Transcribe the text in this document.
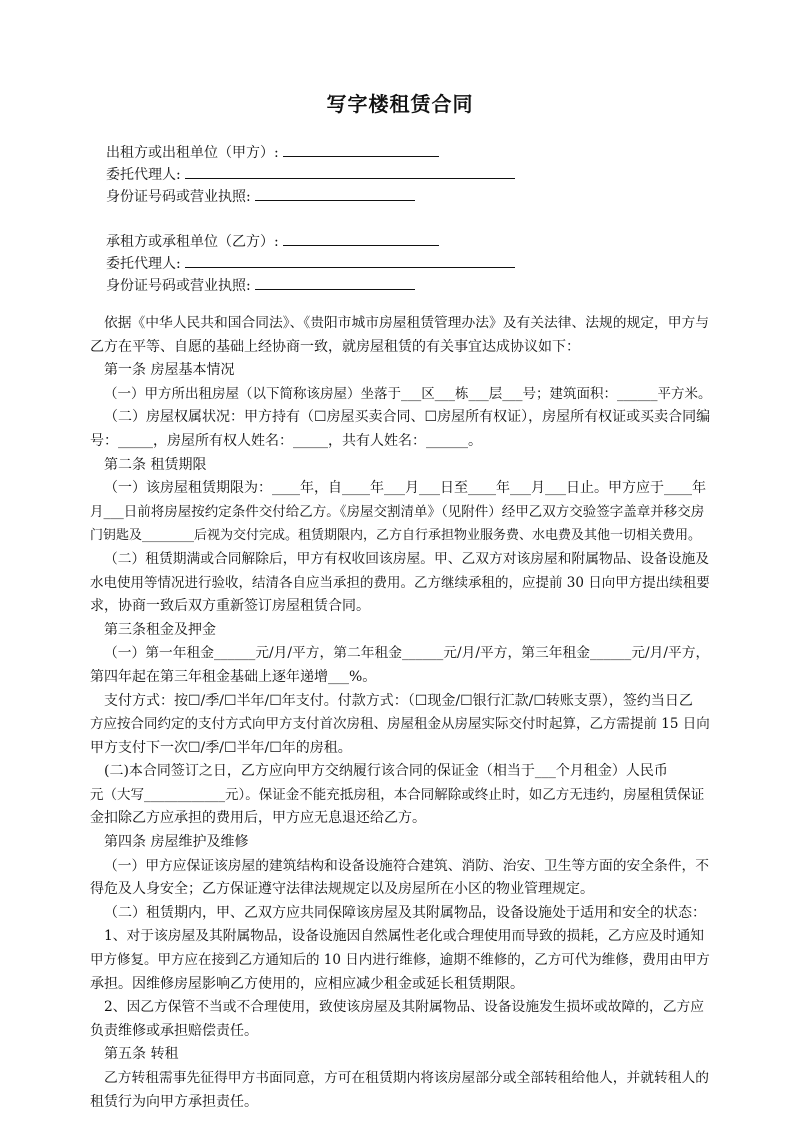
写字楼租赁合同
出租方或出租单位（甲方）:
委托代理人:
身份证号码或营业执照:
承租方或承租单位（乙方）:
委托代理人:
身份证号码或营业执照:
依据《中华人民共和国合同法》、《贵阳市城市房屋租赁管理办法》及有关法律、法规的规定，甲方与
乙方在平等、自愿的基础上经协商一致，就房屋租赁的有关事宜达成协议如下：
第一条 房屋基本情况
（一）甲方所出租房屋（以下简称该房屋）坐落于___区___栋___层___号；建筑面积：______平方米。
（二）房屋权属状况：甲方持有（☐房屋买卖合同、☐房屋所有权证），房屋所有权证或买卖合同编
号：_____，房屋所有权人姓名：_____，共有人姓名：______。
第二条 租赁期限
（一）该房屋租赁期限为：____年，自____年___月___日至____年___月___日止。甲方应于____年
月___日前将房屋按约定条件交付给乙方。《房屋交割清单》（见附件）经甲乙双方交验签字盖章并移交房
门钥匙及________后视为交付完成。租赁期限内，乙方自行承担物业服务费、水电费及其他一切相关费用。
（二）租赁期满或合同解除后，甲方有权收回该房屋。甲、乙双方对该房屋和附属物品、设备设施及
水电使用等情况进行验收，结清各自应当承担的费用。乙方继续承租的，应提前 30 日向甲方提出续租要
求，协商一致后双方重新签订房屋租赁合同。
第三条租金及押金
（一）第一年租金______元/月/平方，第二年租金______元/月/平方，第三年租金______元/月/平方，
第四年起在第三年租金基础上逐年递增___%。
支付方式：按☐/季/☐半年/☐年支付。付款方式：（☐现金/☐银行汇款/☐转账支票），签约当日乙
方应按合同约定的支付方式向甲方支付首次房租、房屋租金从房屋实际交付时起算，乙方需提前 15 日向
甲方支付下一次☐/季/☐半年/☐年的房租。
(二)本合同签订之日，乙方应向甲方交纳履行该合同的保证金（相当于___个月租金）人民币
元（大写____________元）。保证金不能充抵房租，本合同解除或终止时，如乙方无违约，房屋租赁保证
金扣除乙方应承担的费用后，甲方应无息退还给乙方。
第四条 房屋维护及维修
（一）甲方应保证该房屋的建筑结构和设备设施符合建筑、消防、治安、卫生等方面的安全条件，不
得危及人身安全；乙方保证遵守法律法规规定以及房屋所在小区的物业管理规定。
（二）租赁期内，甲、乙双方应共同保障该房屋及其附属物品，设备设施处于适用和安全的状态：
1、对于该房屋及其附属物品，设备设施因自然属性老化或合理使用而导致的损耗，乙方应及时通知
甲方修复。甲方应在接到乙方通知后的 10 日内进行维修，逾期不维修的，乙方可代为维修，费用由甲方
承担。因维修房屋影响乙方使用的，应相应减少租金或延长租赁期限。
2、因乙方保管不当或不合理使用，致使该房屋及其附属物品、设备设施发生损坏或故障的，乙方应
负责维修或承担赔偿责任。
第五条 转租
乙方转租需事先征得甲方书面同意，方可在租赁期内将该房屋部分或全部转租给他人，并就转租人的
租赁行为向甲方承担责任。
